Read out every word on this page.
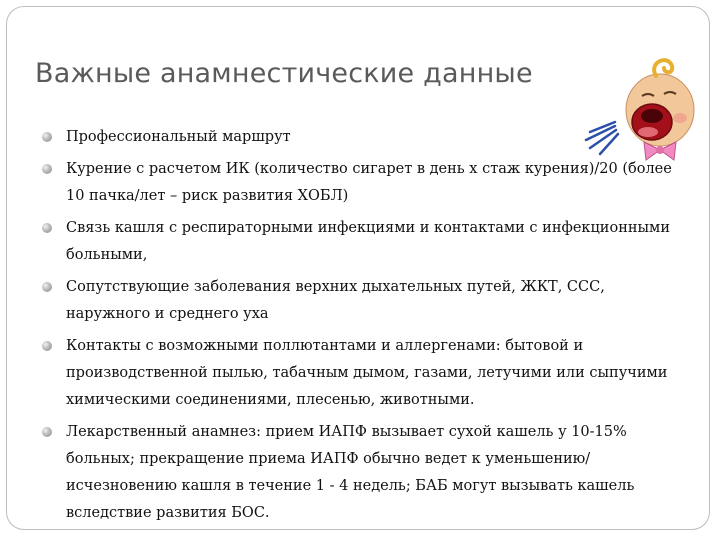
Важные анамнестические данные
Профессиональный маршрут
Курение с расчетом ИК (количество сигарет в день х стаж курения)/20 (более 10 пачка/лет – риск развития ХОБЛ)
Связь кашля с респираторными инфекциями и контактами с инфекционными больными,
Сопутствующие заболевания верхних дыхательных путей, ЖКТ, ССС, наружного и среднего уха
Контакты с возможными поллютантами и аллергенами: бытовой и производственной пылью, табачным дымом, газами, летучими или сыпучими химическими соединениями, плесенью, животными.
Лекарственный анамнез: прием ИАПФ вызывает сухой кашель у 10-15% больных; прекращение приема ИАПФ обычно ведет к уменьшению/исчезновению кашля в течение 1 - 4 недель; БАБ могут вызывать кашель вследствие развития БОС.
